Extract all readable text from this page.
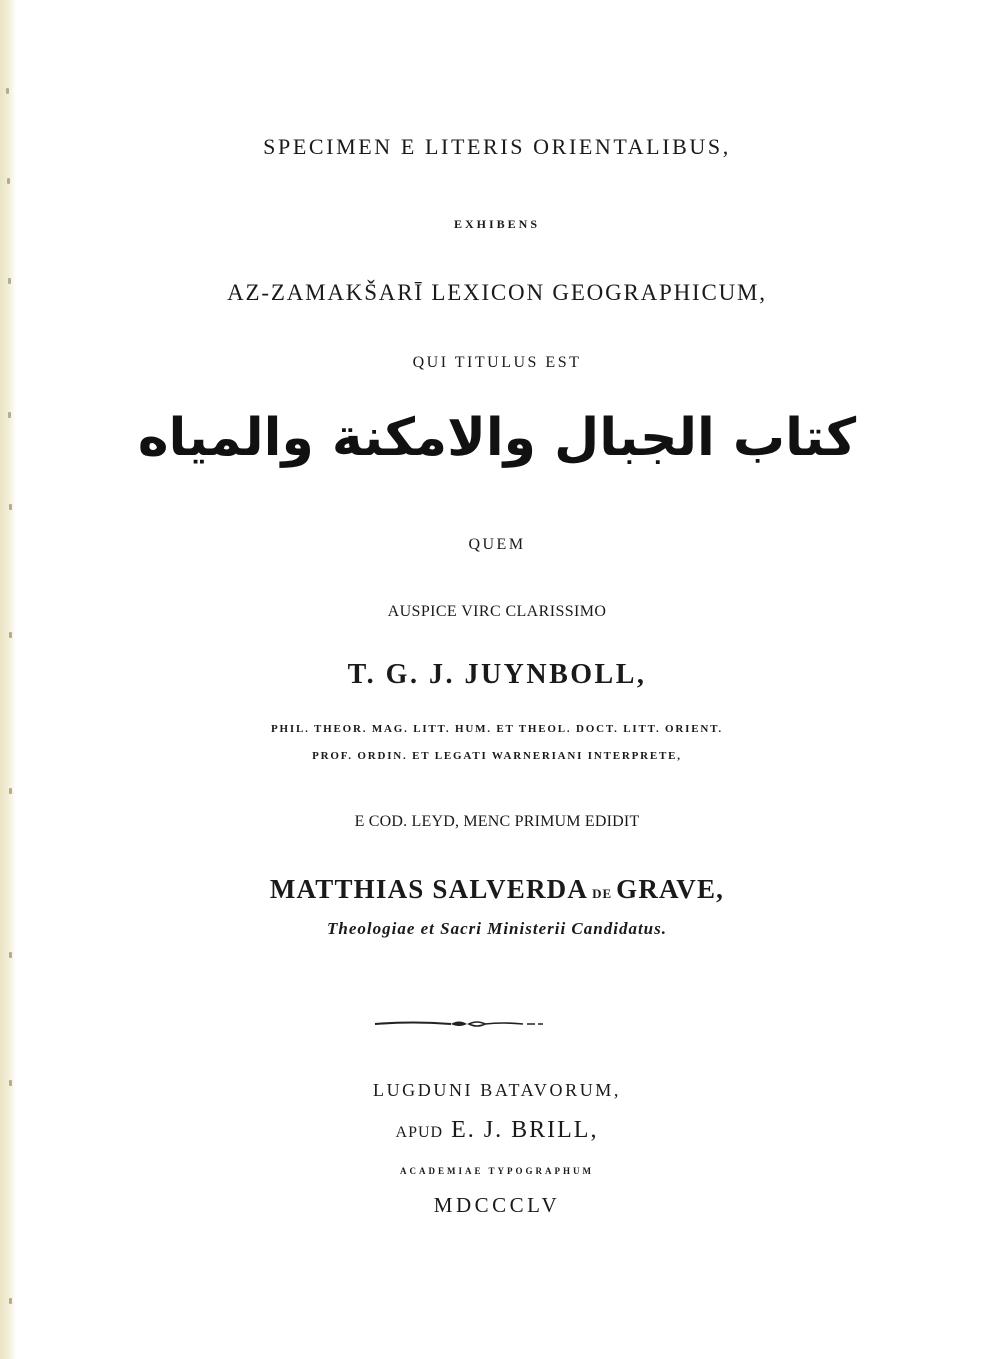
SPECIMEN E LITERIS ORIENTALIBUS,
EXHIBENS
AZ-ZAMAKŠARĪ LEXICON GEOGRAPHICUM,
QUI TITULUS EST
كتاب الجبال والامكنة والمياه
QUEM
AUSPICE VIRC CLARISSIMO
T. G. J. JUYNBOLL,
PHIL. THEOR. MAG. LITT. HUM. ET THEOL. DOCT. LITT. ORIENT.
PROF. ORDIN. ET LEGATI WARNERIANI INTERPRETE,
E COD. LEYD, MENC PRIMUM EDIDIT
MATTHIAS SALVERDA DE GRAVE,
Theologiae et Sacri Ministerii Candidatus.
LUGDUNI BATAVORUM,
APUD E. J. BRILL,
ACADEMIAE TYPOGRAPHUM
MDCCCLV
